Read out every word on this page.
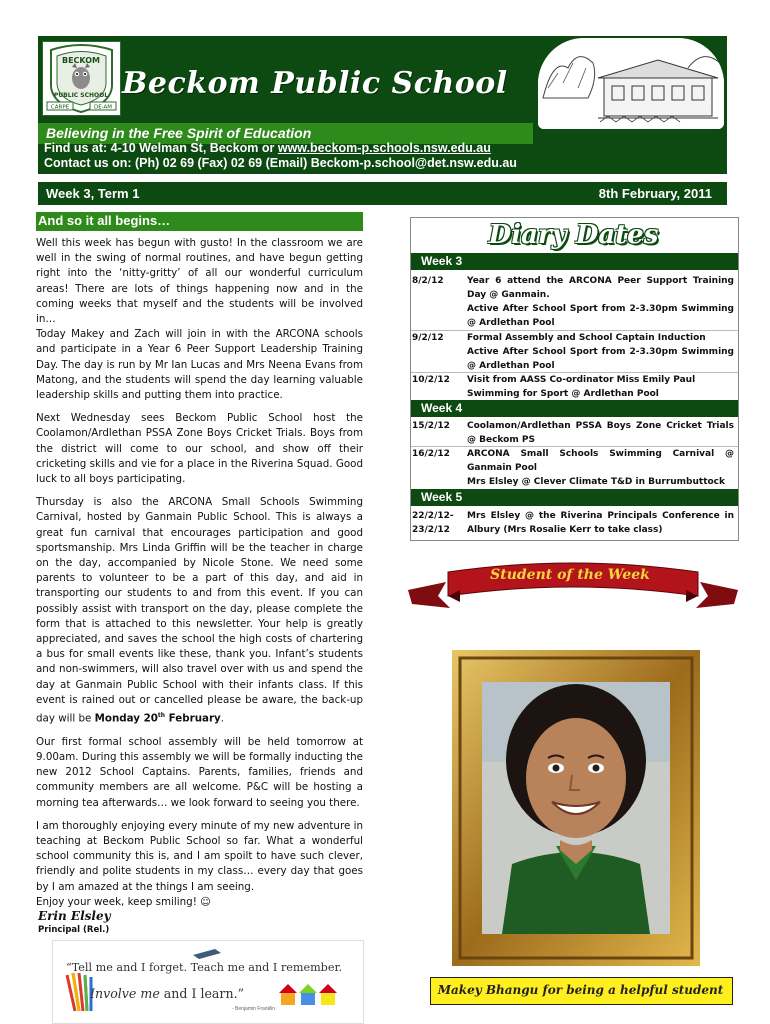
BECKOM
PUBLIC SCHOOL
CARPE	DE-AM
Beckom Public School
Believing in the Free Spirit of Education
Find us at: 4-10 Welman St, Beckom or www.beckom-p.schools.nsw.edu.au
Contact us on: (Ph) 02 69 (Fax) 02 69 (Email) Beckom-p.school@det.nsw.edu.au
Week 3, Term 1	8th February, 2011
And so it all begins…

Well this week has begun with gusto! In the classroom we are well in the swing of normal routines, and have begun getting right into the ‘nitty-gritty’ of all our wonderful curriculum areas! There are lots of things happening now and in the coming weeks that myself and the students will be involved in…

Today Makey and Zach will join in with the ARCONA schools and participate in a Year 6 Peer Support Leadership Training Day. The day is run by Mr Ian Lucas and Mrs Neena Evans from Matong, and the students will spend the day learning valuable leadership skills and putting them into practice.

Next Wednesday sees Beckom Public School host the Coolamon/Ardlethan PSSA Zone Boys Cricket Trials. Boys from the district will come to our school, and show off their cricketing skills and vie for a place in the Riverina Squad. Good luck to all boys participating.

Thursday is also the ARCONA Small Schools Swimming Carnival, hosted by Ganmain Public School. This is always a great fun carnival that encourages participation and good sportsmanship. Mrs Linda Griffin will be the teacher in charge on the day, accompanied by Nicole Stone. We need some parents to volunteer to be a part of this day, and aid in transporting our students to and from this event. If you can possibly assist with transport on the day, please complete the form that is attached to this newsletter. Your help is greatly appreciated, and saves the school the high costs of chartering a bus for small events like these, thank you. Infant’s students and non-swimmers, will also travel over with us and spend the day at Ganmain Public School with their infants class. If this event is rained out or cancelled please be aware, the back-up day will be Monday 20th February.

Our first formal school assembly will be held tomorrow at 9.00am. During this assembly we will be formally inducting the new 2012 School Captains. Parents, families, friends and community members are all welcome. P&C will be hosting a morning tea afterwards… we look forward to seeing you there.

I am thoroughly enjoying every minute of my new adventure in teaching at Beckom Public School so far. What a wonderful school community this is, and I am spoilt to have such clever, friendly and polite students in my class… every day that goes by I am amazed at the things I am seeing.

Enjoy your week, keep smiling! ☺
Erin Elsley
Principal (Rel.)
“Tell me and I forget. Teach me and I remember.
Involve me and I learn.”
- Benjamin Franklin
Diary Dates
Week 3
8/2/12	Year 6 attend the ARCONA Peer Support Training Day @ Ganmain.
Active After School Sport from 2-3.30pm Swimming @ Ardlethan Pool
9/2/12	Formal Assembly and School Captain Induction
Active After School Sport from 2-3.30pm Swimming @ Ardlethan Pool
10/2/12 Visit from AASS Co-ordinator Miss Emily Paul
Swimming for Sport @ Ardlethan Pool
Week 4
15/2/12 Coolamon/Ardlethan PSSA Boys Zone Cricket Trials @ Beckom PS
16/2/12 ARCONA Small Schools Swimming Carnival @ Ganmain Pool
Mrs Elsley @ Clever Climate T&D in Burrumbuttock
Week 5
22/2/12-
23/2/12
Mrs Elsley @ the Riverina Principals Conference in Albury (Mrs Rosalie Kerr to take class)
Student of the Week
Makey Bhangu for being a helpful student
